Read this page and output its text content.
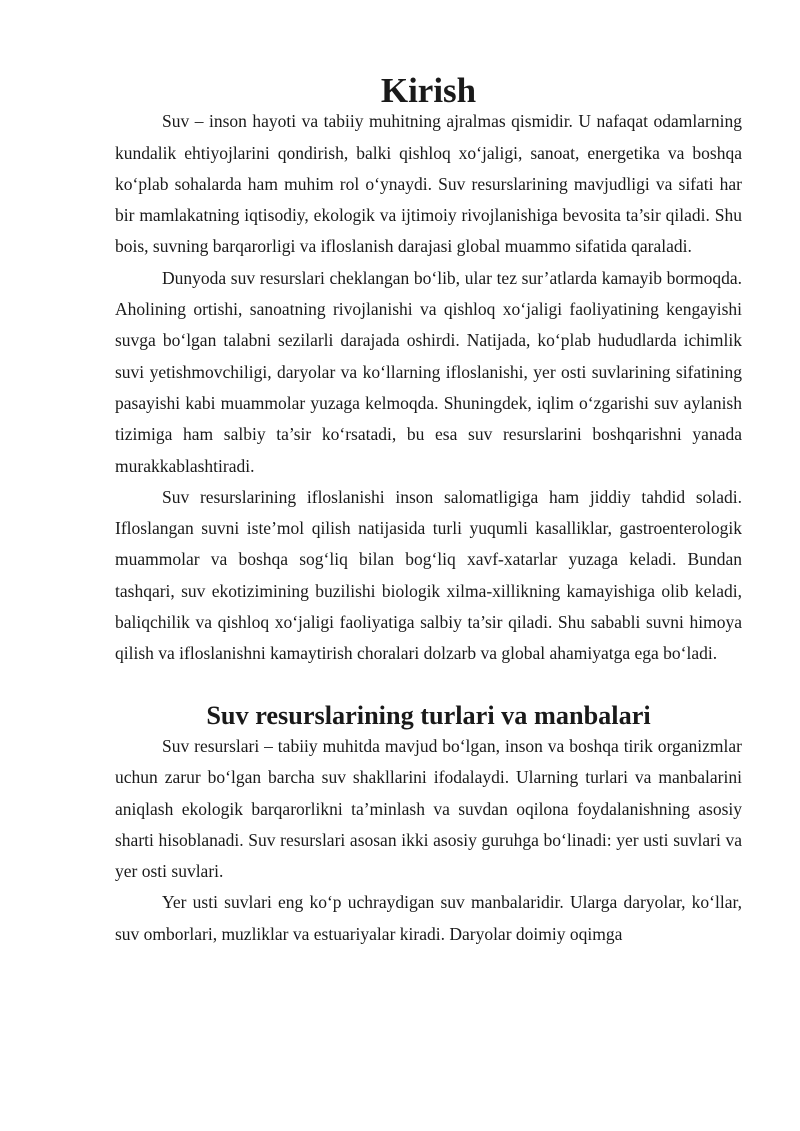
Kirish

Suv – inson hayoti va tabiiy muhitning ajralmas qismidir. U nafaqat odamlarning kundalik ehtiyojlarini qondirish, balki qishloq xo‘jaligi, sanoat, energetika va boshqa ko‘plab sohalarda ham muhim rol o‘ynaydi. Suv resurslarining mavjudligi va sifati har bir mamlakatning iqtisodiy, ekologik va ijtimoiy rivojlanishiga bevosita ta’sir qiladi. Shu bois, suvning barqarorligi va ifloslanish darajasi global muammo sifatida qaraladi.

Dunyoda suv resurslari cheklangan bo‘lib, ular tez sur’atlarda kamayib bormoqda. Aholining ortishi, sanoatning rivojlanishi va qishloq xo‘jaligi faoliyatining kengayishi suvga bo‘lgan talabni sezilarli darajada oshirdi. Natijada, ko‘plab hududlarda ichimlik suvi yetishmovchiligi, daryolar va ko‘llarning ifloslanishi, yer osti suvlarining sifatining pasayishi kabi muammolar yuzaga kelmoqda. Shuningdek, iqlim o‘zgarishi suv aylanish tizimiga ham salbiy ta’sir ko‘rsatadi, bu esa suv resurslarini boshqarishni yanada murakkablashtiradi.

Suv resurslarining ifloslanishi inson salomatligiga ham jiddiy tahdid soladi. Ifloslangan suvni iste’mol qilish natijasida turli yuqumli kasalliklar, gastroenterologik muammolar va boshqa sog‘liq bilan bog‘liq xavf-xatarlar yuzaga keladi. Bundan tashqari, suv ekotizimining buzilishi biologik xilma-xillikning kamayishiga olib keladi, baliqchilik va qishloq xo‘jaligi faoliyatiga salbiy ta’sir qiladi. Shu sababli suvni himoya qilish va ifloslanishni kamaytirish choralari dolzarb va global ahamiyatga ega bo‘ladi.

Suv resurslarining turlari va manbalari

Suv resurslari – tabiiy muhitda mavjud bo‘lgan, inson va boshqa tirik organizmlar uchun zarur bo‘lgan barcha suv shakllarini ifodalaydi. Ularning turlari va manbalarini aniqlash ekologik barqarorlikni ta’minlash va suvdan oqilona foydalanishning asosiy sharti hisoblanadi. Suv resurslari asosan ikki asosiy guruhga bo‘linadi: yer usti suvlari va yer osti suvlari.

Yer usti suvlari eng ko‘p uchraydigan suv manbalaridir. Ularga daryolar, ko‘llar, suv omborlari, muzliklar va estuariyalar kiradi. Daryolar doimiy oqimga
